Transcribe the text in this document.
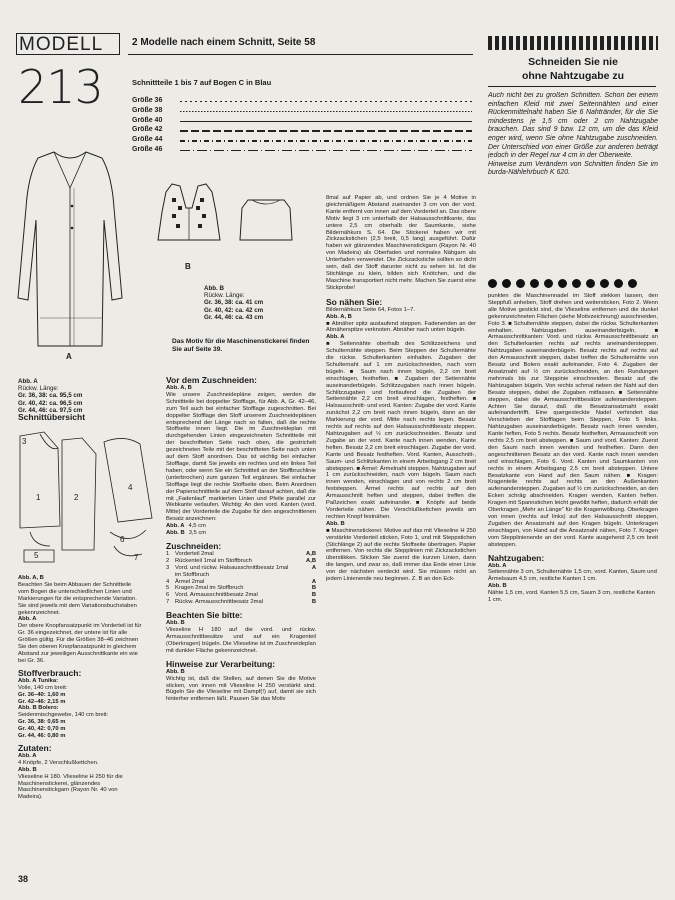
MODELL
213
2 Modelle nach einem Schnitt, Seite 58
Schnittteile 1 bis 7 auf Bogen C in Blau
Größe 36
Größe 38
Größe 40
Größe 42
Größe 44
Größe 46
Schneiden Sie nie
ohne Nahtzugabe zu

Auch nicht bei zu großen Schnitten. Schon bei einem einfachen Kleid mit zwei Seitennähten und einer Rückenmittelnaht haben Sie 6 Nahtränder, für die Sie mindestens je 1,5 cm oder 2 cm Nahtzugabe brauchen. Das sind 9 bzw. 12 cm, um die das Kleid enger wird, wenn Sie ohne Nahtzugabe zuschneiden. Der Unterschied von einer Größe zur anderen beträgt jedoch in der Regel nur 4 cm in der Oberweite.

Hinweise zum Verändern von Schnitten finden Sie im burda-Nählehrbuch K 620.

A
Abb. A
Rückw. Länge:
Gr. 36, 38: ca. 95,5 cm
Gr. 40, 42: ca. 96,5 cm
Gr. 44, 46: ca. 97,5 cm
B
Abb. B
Rückw. Länge:
Gr. 36, 38: ca. 41 cm
Gr. 40, 42: ca. 42 cm
Gr. 44, 46: ca. 43 cm
Das Motiv für die Maschinenstickerei finden Sie auf Seite 39.
Schnittübersicht
3
1	2
4
6
7
5

Abb. A, B

Beachten Sie beim Abbauen der Schnittteile vom Bogen die unterschiedlichen Linien und Markierungen für die entsprechende Variation. Sie sind jeweils mit dem Variationsbuchstaben gekennzeichnet.

Abb. A

Der obere Knopfansatzpunkt im Vorderteil ist für Gr. 36 eingezeichnet, der untere ist für alle Größen gültig. Für die Größen 38–46 zeichnen Sie den oberen Knopfansatzpunkt in gleichem Abstand zur jeweiligen Ausschnittkante ein wie bei Gr. 36.

Stoffverbrauch:

Abb. A Tunika:

Voile, 140 cm breit:

Gr. 36–40: 1,60 m
Gr. 42–46: 2,15 m

Abb. B Bolero:

Seidenmischgewebe, 140 cm breit:

Gr. 36, 38: 0,65 m
Gr. 40, 42: 0,70 m
Gr. 44, 46: 0,80 m

Zutaten:

Abb. A

4 Knöpfe, 2 Verschlußkettchen.

Abb. B

Vlieseline H 180. Vlieseline H 250 für die Maschinenstickerei, glänzendes Maschinenstickgarn (Rayon Nr. 40 von Madeira).

38

Vor dem Zuschneiden:

Abb. A, B

Wie unsere Zuschneidepläne zeigen, werden die Schnittteile bei doppelter Stofflage, für Abb. A, Gr. 42–46, zum Teil auch bei einfacher Stofflage zugeschnitten. Bei doppelter Stofflage den Stoff unserem Zuschneideplänen entsprechend der Länge nach so falten, daß die rechte Stoffseite innen liegt. Die im Zuschneideplan mit durchgehenden Linien eingezeichneten Schnittteile mit der beschrifteten Seite nach oben, die gestrichelt gezeichneten Teile mit der beschrifteten Seite nach unten auf dem Stoff anordnen. Das ist wichtig bei einfacher Stofflage, damit Sie jeweils ein rechtes und ein linkes Teil haben, oder wenn Sie ein Schnittteil an der Stoffbruchlinie (unterbrochen) zum ganzen Teil ergänzen. Bei einfacher Stofflage liegt die rechte Stoffseite oben. Beim Anordnen der Papierschnittteile auf dem Stoff darauf achten, daß die mit „Fadenlauf“ markierten Linien und Pfeile parallel zur Webkante verlaufen. Wichtig: An den vord. Kanten (vord. Mitte) der Vorderteile die Zugabe für den angeschnittenen Besatz anzeichnen:

Abb. A 4,5 cm
Abb. B 3,5 cm

Zuschneiden:

1 Vorderteil 2mal	A,B
2 Rückenteil 1mal im Stoffbruch	A,B
3 Vord. und rückw. Halsausschnittbesatz 1mal im Stoffbruch
A
4 Ärmel 2mal	A
5 Kragen 2mal im Stoffbruch	B
6 Vord. Armausschnittbesatz 2mal	B
7 Rückw. Armausschnittbesatz 2mal	B

Beachten Sie bitte:

Abb. B

Vlieseline H 180 auf die vord. und rückw. Armausschnittbesätze und auf ein Kragenteil (Oberkragen) bügeln. Die Vlieseline ist im Zuschneideplan mit dunkler Fläche gekennzeichnet.

Hinweise zur Verarbeitung:

Abb. B

Wichtig ist, daß die Stellen, auf denen Sie die Motive sticken, von innen mit Vlieseline H 250 verstärkt sind. Bügeln Sie die Vlieseline mit Dampf(!) auf, damit sie sich hinterher entfernen läßt. Pausen Sie das Motiv

8mal auf Papier ab, und ordnen Sie je 4 Motive in gleichmäßigem Abstand zueinander 3 cm von der vord. Kante entfernt von innen auf dem Vorderteil an. Das obere Motiv liegt 3 cm unterhalb der Halsausschnittkante, das untere 2,5 cm oberhalb der Saumkante, siehe Bildernähkurs S. 64. Die Stickerei haben wir mit Zickzackstichen (2,5 breit, 0,5 lang) ausgeführt. Dafür haben wir glänzendes Maschinenstickgarn (Rayon Nr. 40 von Madeira) als Oberfaden und normales Nähgarn als Unterfaden verwendet. Die Zickzackstiche sollten so dicht sein, daß der Stoff darunter nicht zu sehen ist. Ist die Stichlänge zu klein, bilden sich Knötchen, und die Maschine transportiert nicht mehr. Machen Sie zuerst eine Stickprobe!

So nähen Sie:

Bildernähkurs Seite 64, Fotos 1–7.

Abb. A, B

■ Abnäher spitz auslaufend steppen. Fadenenden an der Abnäherspitze verknoten. Abnäher nach unten bügeln.

Abb. A

■ Seitennähte oberhalb des Schlitzzeichens und Schulternähte steppen. Beim Steppen der Schulternähte die rückw. Schulterkanten einhalten. Zugaben der Schulternaht auf 1 cm zurückschneiden, nach vorn bügeln. ■ Saum nach innen bügeln, 2,2 cm breit einschlagen, festheften. ■ Zugaben der Seitennähte auseinanderbügeln. Schlitzzugaben nach innen bügeln. Schlitzzugaben und fortlaufend die Zugaben der Seitennähte 2,2 cm breit einschlagen, festheften. ■ Halsausschnitt- und vord. Kanten: Zugabe der vord. Kante zunächst 2,2 cm breit nach innen bügeln, dann an der Markierung der vord. Mitte nach rechts legen. Besatz rechts auf rechts auf den Halsausschnittbesatz steppen. Nahtzugaben auf ½ cm zurückschneiden. Besatz und Zugabe an der vord. Kante nach innen wenden, Kante heften. Besatz 2,2 cm breit einschlagen. Zugabe der vord. Kante und Besatz festheften. Vord. Kanten, Ausschnitt-, Saum- und Schlitzkanten in einem Arbeitsgang 2 cm breit absteppen. ■ Ärmel: Ärmelnaht steppen. Nahtzugaben auf 1 cm zurückschneiden, nach vorn bügeln. Saum nach innen wenden, einschlagen und von rechts 2 cm breit feststeppen. Ärmel rechts auf rechts auf den Armausschnitt heften und steppen, dabei treffen die Paßzeichen exakt aufeinander. ■ Knöpfe auf beide Vorderteile nähen. Die Verschlußkettchen jeweils am rechten Knopf festnähen.

Abb. B

■ Maschinenstickerei: Motive auf das mit Vlieseline H 250 verstärkte Vorderteil sticken, Foto 1, und mit Steppstichen (Stichlänge 2) auf die rechte Stoffseite übertragen. Papier entfernen. Von rechts die Stepplinien mit Zickzackstichen überstikken. Sticken Sie zuerst die kurzen Linien, dann die langen, und zwar so, daß immer das Ende einer Linie von der nächsten verdeckt wird. Sie müssen nicht an jedem Linienende neu beginnen. Z. B an den Eck-

punkten die Maschinennadel im Stoff stekken lassen, den Steppfuß anheben, Stoff drehen und weitersticken, Foto 2. Wenn alle Motive gestickt sind, die Vlieseline entfernen und die dunkel gekennzeichneten Flächen (siehe Motivzeichnung) ausschneiden, Foto 3. ■ Schulternähte steppen, dabei die rückw. Schulterkanten einhalten. Nahtzugaben auseinanderbügeln. ■ Armausschnittkanten: Vord. und rückw. Armausschnittbesatz an den Schulterkanten rechts auf rechts aneinandersteppen. Nahtzugaben auseinanderbügeln. Besatz rechts auf rechts auf den Armausschnitt steppen, dabei treffen die Schulternähte von Besatz und Bolero exakt aufeinander, Foto 4. Zugaben der Ansatznaht auf ½ cm zurückschneiden, an den Rundungen mehrmals bis zur Steppinie einschneiden. Besatz auf die Nahtzugaben bügeln. Von rechts schmal neben der Naht auf den Besatz steppen, dabei die Zugaben mitfassen. ■ Seitennähte steppen, dabei die Armausschnittbesätze aufeinandersteppen. Achten Sie darauf, daß die Besatzansatznaht exakt aufeinandertrifft. Eine quergesteckte Nadel verhindert das Verschieben der Stofflagen beim Steppen, Foto 5 links. Nahtzugaben auseinanderbügeln. Besatz nach innen wenden, Kante heften, Foto 5 rechts. Besatz festheften, Armausschnitt von rechts 2,5 cm breit absteppen. ■ Saum und vord. Kanten: Zuerst den Saum nach innen wenden und festheften. Dann den angeschnittenen Besatz an der vord. Kante nach innen wenden und einschlagen, Foto 6. Vord. Kanten und Saumkanten von rechts in einem Arbeitsgang 2,5 cm breit absteppen. Untere Besatzkante von Hand auf den Saum nähen. ■ Kragen: Kragenteile rechts auf rechts an den Außenkanten aufeinandersteppen. Zugaben auf ½ cm zurückschneiden, an den Ecken schräg abschneiden. Kragen wenden, Kanten heften. Kragen mit Spannstichen leicht gewölbt heften, dadurch erhält der Oberkragen „Mehr an Länge“ für die Kragenwölbung. Oberkragen von innen (rechts auf links) auf den Halsausschnitt steppen, Zugaben der Ansatznaht auf den Kragen bügeln. Unterkragen einschlagen, von Hand auf die Ansatznaht nähen, Foto 7. Kragen vom Stepplinienende an der vord. Kante ausgehend 2,5 cm breit absteppen.

Nahtzugaben:

Abb. A

Seitennähte 3 cm, Schulternähte 1,5 cm, vord. Kanten, Saum und Ärmelsaum 4,5 cm, restliche Kanten 1 cm.

Abb. B

Nähte 1,5 cm, vord. Kanten 5,5 cm, Saum 3 cm, restliche Kanten 1 cm.
